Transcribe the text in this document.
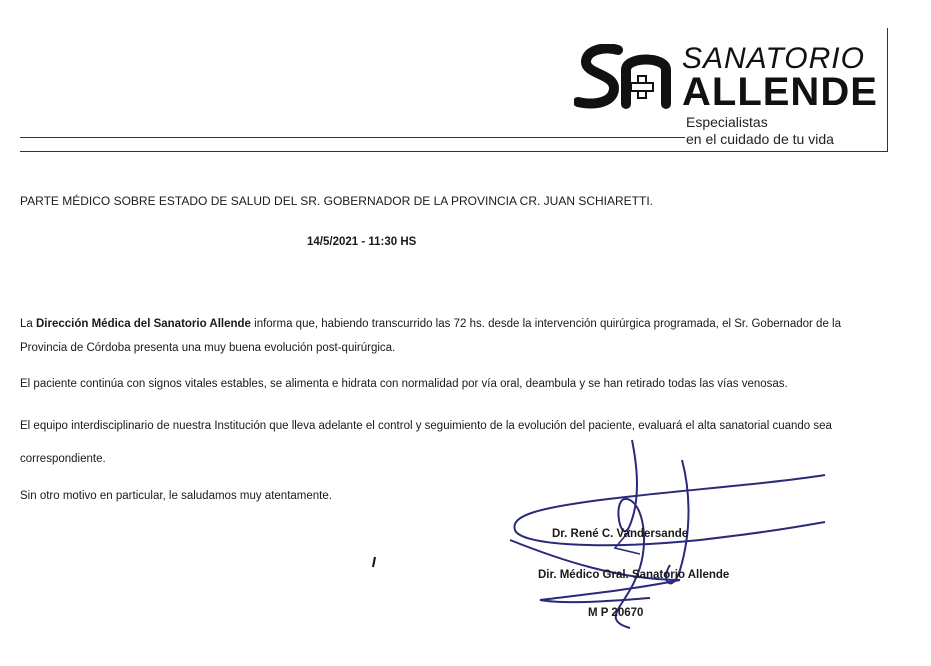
SANATORIO
ALLENDE
Especialistas
en el cuidado de tu vida
PARTE MÉDICO SOBRE ESTADO DE SALUD DEL SR. GOBERNADOR DE LA PROVINCIA CR. JUAN SCHIARETTI.
14/5/2021 - 11:30 HS
La Dirección Médica del Sanatorio Allende informa que, habiendo transcurrido las 72 hs. desde la intervención quirúrgica programada, el Sr. Gobernador de la
Provincia de Córdoba presenta una muy buena evolución post-quirúrgica.
El paciente continúa con signos vitales estables, se alimenta e hidrata con normalidad por vía oral, deambula y se han retirado todas las vías venosas.
El equipo interdisciplinario de nuestra Institución que lleva adelante el control y seguimiento de la evolución del paciente, evaluará el alta sanatorial cuando sea
correspondiente.
Sin otro motivo en particular, le saludamos muy atentamente.
Dr. René C. Vandersande
Dir. Médico Gral. Sanatorio Allende
M P 20670
